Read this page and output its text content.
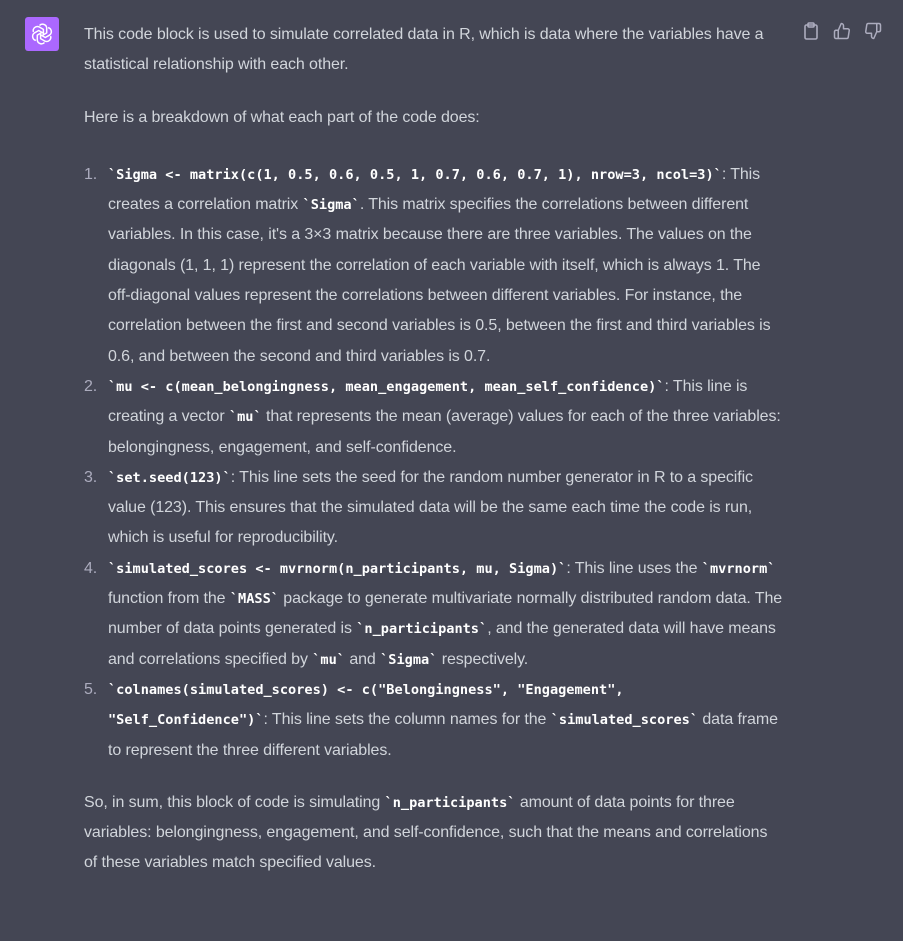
This code block is used to simulate correlated data in R, which is data where the variables have a statistical relationship with each other.

Here is a breakdown of what each part of the code does:

1. `Sigma <- matrix(c(1, 0.5, 0.6, 0.5, 1, 0.7, 0.6, 0.7, 1), nrow=3, ncol=3)`: This creates a correlation matrix `Sigma`. This matrix specifies the correlations between different variables. In this case, it's a 3×3 matrix because there are three variables. The values on the diagonals (1, 1, 1) represent the correlation of each variable with itself, which is always 1. The off-diagonal values represent the correlations between different variables. For instance, the correlation between the first and second variables is 0.5, between the first and third variables is 0.6, and between the second and third variables is 0.7.
2. `mu <- c(mean_belongingness, mean_engagement, mean_self_confidence)`: This line is creating a vector `mu` that represents the mean (average) values for each of the three variables: belongingness, engagement, and self-confidence.
3. `set.seed(123)`: This line sets the seed for the random number generator in R to a specific value (123). This ensures that the simulated data will be the same each time the code is run, which is useful for reproducibility.
4. `simulated_scores <- mvrnorm(n_participants, mu, Sigma)`: This line uses the `mvrnorm` function from the `MASS` package to generate multivariate normally distributed random data. The number of data points generated is `n_participants`, and the generated data will have means and correlations specified by `mu` and `Sigma` respectively.
5. `colnames(simulated_scores) <- c("Belongingness", "Engagement", "Self_Confidence")`: This line sets the column names for the `simulated_scores` data frame to represent the three different variables.

So, in sum, this block of code is simulating `n_participants` amount of data points for three variables: belongingness, engagement, and self-confidence, such that the means and correlations of these variables match specified values.
